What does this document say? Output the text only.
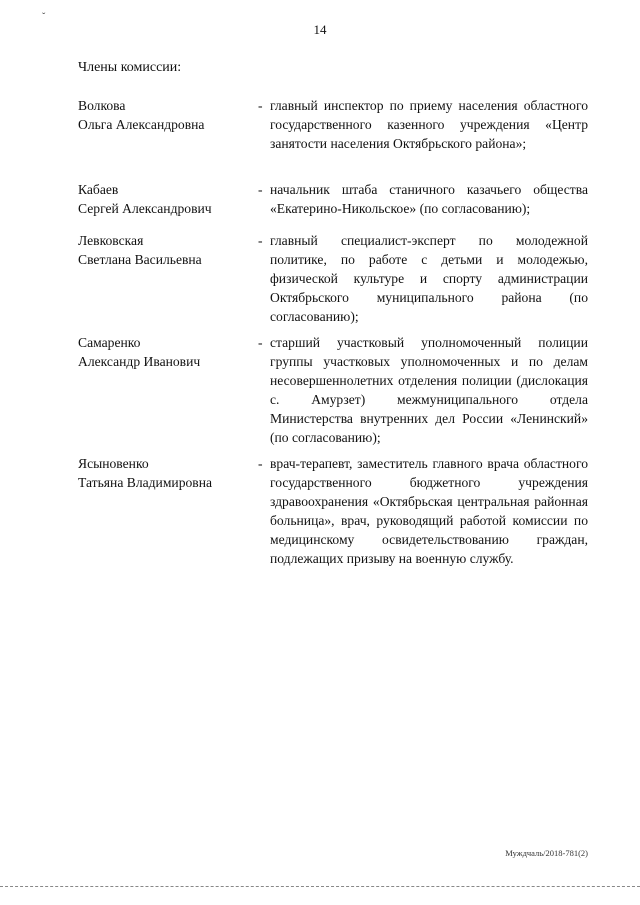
ˇ
14
Члены комиссии:
Волкова
Ольга Александровна
- главный инспектор по приему населения областного государственного казенного учреждения «Центр занятости населения Октябрьского района»;
Кабаев
Сергей Александрович
- начальник штаба станичного казачьего общества «Екатерино-Никольское» (по согласованию);
Левковская
Светлана Васильевна
- главный специалист-эксперт по молодежной политике, по работе с детьми и молодежью, физической культуре и спорту администрации Октябрьского муниципального района (по согласованию);
Самаренко
Александр Иванович
- старший участковый уполномоченный полиции группы участковых уполномоченных и по делам несовершеннолетних отделения полиции (дислокация с. Амурзет) межмуниципального отдела Министерства внутренних дел России «Ленинский» (по согласованию);
Ясыновенко
Татьяна Владимировна
- врач-терапевт, заместитель главного врача областного государственного бюджетного учреждения здравоохранения «Октябрьская центральная районная больница», врач, руководящий работой комиссии по медицинскому освидетельствованию граждан, подлежащих призыву на военную службу.
Муждчаль/2018-781(2)
